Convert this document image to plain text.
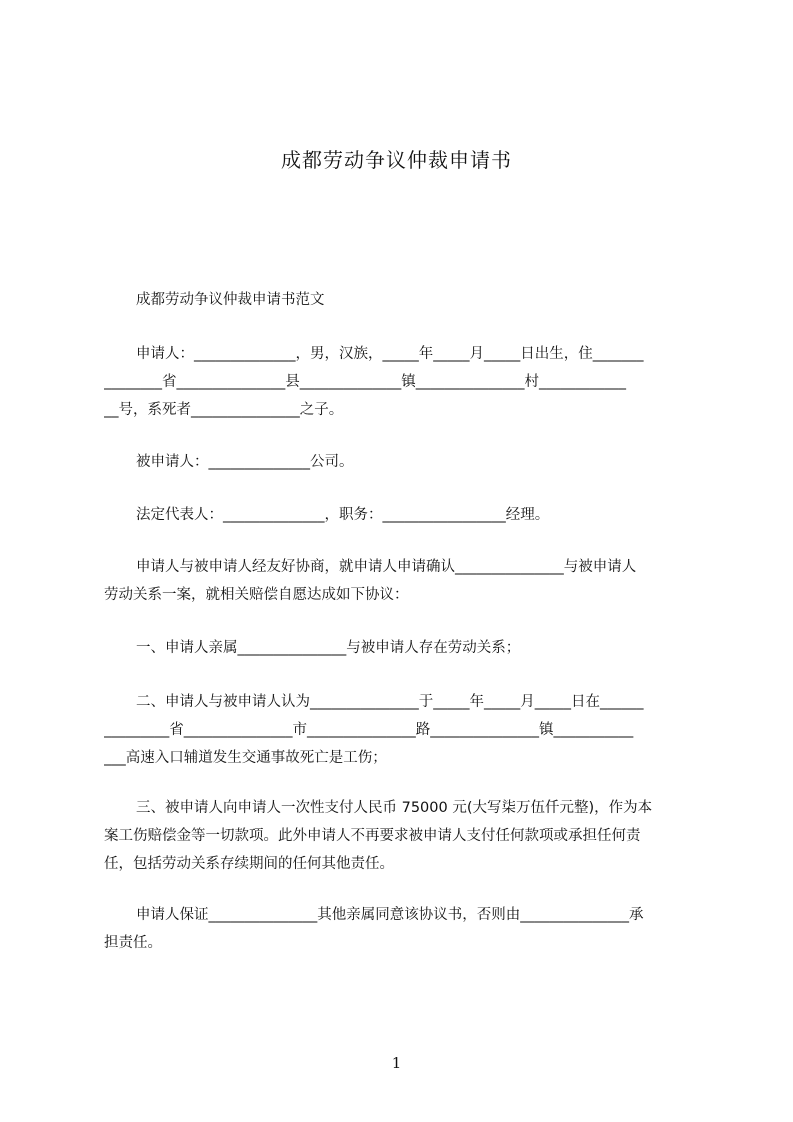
成都劳动争议仲裁申请书
成都劳动争议仲裁申请书范文
申请人：______________，男，汉族，_____年_____月_____日出生，住_______
________省_______________县______________镇_______________村____________
__号，系死者_______________之子。
被申请人：______________公司。
法定代表人：______________，职务：_________________经理。
申请人与被申请人经友好协商，就申请人申请确认_______________与被申请人
劳动关系一案，就相关赔偿自愿达成如下协议：
一、申请人亲属_______________与被申请人存在劳动关系；
二、申请人与被申请人认为_______________于_____年_____月_____日在______
_________省_______________市_______________路_______________镇___________
___高速入口辅道发生交通事故死亡是工伤；
三、被申请人向申请人一次性支付人民币 75000 元(大写柒万伍仟元整)，作为本
案工伤赔偿金等一切款项。此外申请人不再要求被申请人支付任何款项或承担任何责
任，包括劳动关系存续期间的任何其他责任。
申请人保证_______________其他亲属同意该协议书，否则由_______________承
担责任。
1
